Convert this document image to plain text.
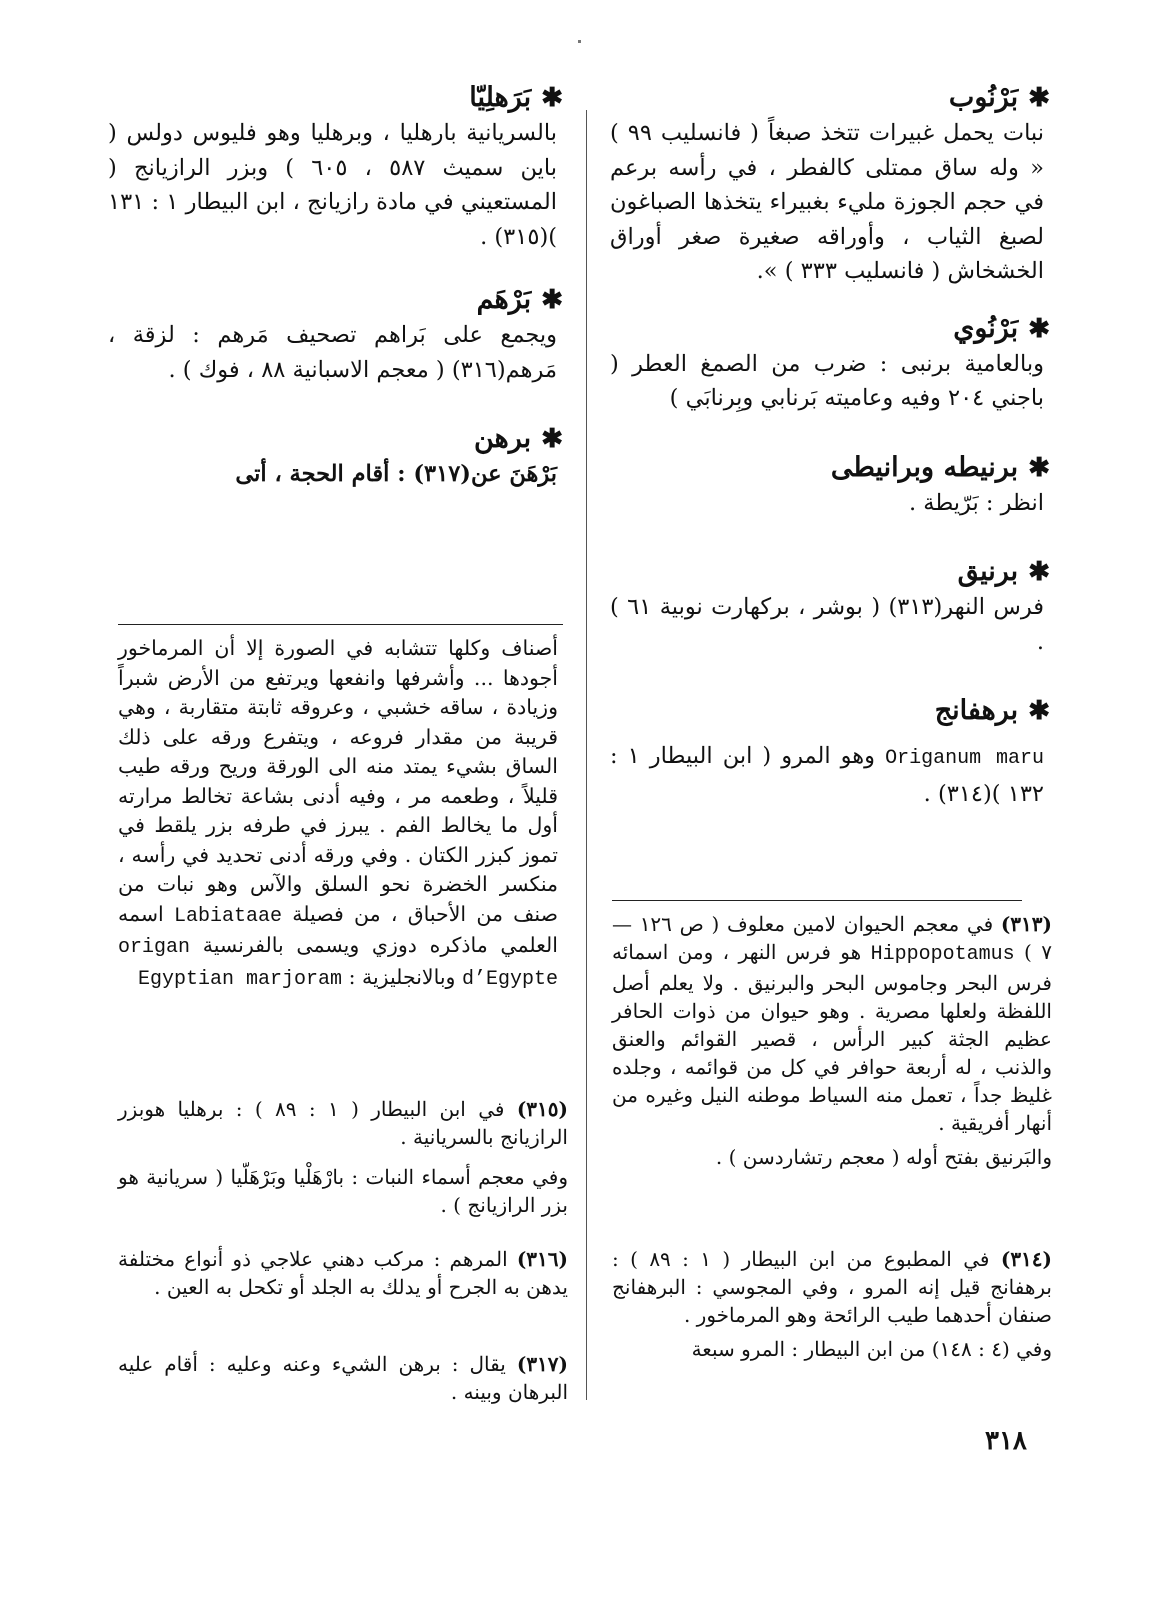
✱
بَرْنُوب
نبات يحمل غبيرات تتخذ صبغاً ( فانسليب ٩٩ ) « وله ساق ممتلى كالفطر ، في رأسه برعم في حجم الجوزة مليء بغبيراء يتخذها الصباغون لصبغ الثياب ، وأوراقه صغيرة صغر أوراق الخشخاش ( فانسليب ٣٣٣ ) ».
✱
بَرْنُوي
وبالعامية برنبى : ضرب من الصمغ العطر ( باجني ٢٠٤ وفيه وعاميته بَرنابي وبِرنابَي )
✱
برنيطه وبرانيطى
انظر : بَرّيطة .
✱
برنيق
فرس النهر(٣١٣) ( بوشر ، بركهارت نوبية ٦١ ) .
✱
برهفانج
Origanum maru وهو المرو ( ابن البيطار ١ : ١٣٢ )(٣١٤) .
✱
بَرَهلِيّا
بالسريانية بارهليا ، وبرهليا وهو فليوس دولس ( باين سميث ٥٨٧ ، ٦٠٥ ) وبزر الرازيانج ( المستعيني في مادة رازيانج ، ابن البيطار ١ : ١٣١ )(٣١٥) .
✱
بَرْهَم
ويجمع على بَراهم تصحيف مَرهم : لزقة ، مَرهم(٣١٦) ( معجم الاسبانية ٨٨ ، فوك ) .
✱
برهن
بَرْهَنَ عن(٣١٧) : أقام الحجة ، أتى
أصناف وكلها تتشابه في الصورة إلا أن المرماخور أجودها ... وأشرفها وانفعها ويرتفع من الأرض شبراً وزيادة ، ساقه خشبي ، وعروقه ثابتة متقاربة ، وهي قريبة من مقدار فروعه ، ويتفرع ورقه على ذلك الساق بشيء يمتد منه الى الورقة وريح ورقه طيب قليلاً ، وطعمه مر ، وفيه أدنى بشاعة تخالط مرارته أول ما يخالط الفم . يبرز في طرفه بزر يلقط في تموز كبزر الكتان . وفي ورقه أدنى تحديد في رأسه ، منكسر الخضرة نحو السلق والآس وهو نبات من صنف من الأحباق ، من فصيلة Labiataae اسمه العلمي ماذكره دوزي ويسمى بالفرنسية origan d’Egypte وبالانجليزية : Egyptian marjoram
(٣١٥) في ابن البيطار ( ١ : ٨٩ ) : برهليا هوبزر الرازيانج بالسريانية .
وفي معجم أسماء النبات : بارْهَلْيا وبَرْهَلّيا ( سريانية هو بزر الرازيانج ) .
(٣١٦) المرهم : مركب دهني علاجي ذو أنواع مختلفة يدهن به الجرح أو يدلك به الجلد أو تكحل به العين .
(٣١٧) يقال : برهن الشيء وعنه وعليه : أقام عليه البرهان وبينه .
(٣١٣) في معجم الحيوان لامين معلوف ( ص ١٢٦ — ٧ ) Hippopotamus هو فرس النهر ، ومن اسمائه فرس البحر وجاموس البحر والبرنيق . ولا يعلم أصل اللفظة ولعلها مصرية . وهو حيوان من ذوات الحافر عظيم الجثة كبير الرأس ، قصير القوائم والعنق والذنب ، له أربعة حوافر في كل من قوائمه ، وجلده غليظ جداً ، تعمل منه السياط موطنه النيل وغيره من أنهار أفريقية .
والبَرنيق بفتح أوله ( معجم رتشاردسن ) .
(٣١٤) في المطبوع من ابن البيطار ( ١ : ٨٩ ) : برهفانج قيل إنه المرو ، وفي المجوسي : البرهفانج صنفان أحدهما طيب الرائحة وهو المرماخور .
وفي (٤ : ١٤٨) من ابن البيطار : المرو سبعة
٣١٨
